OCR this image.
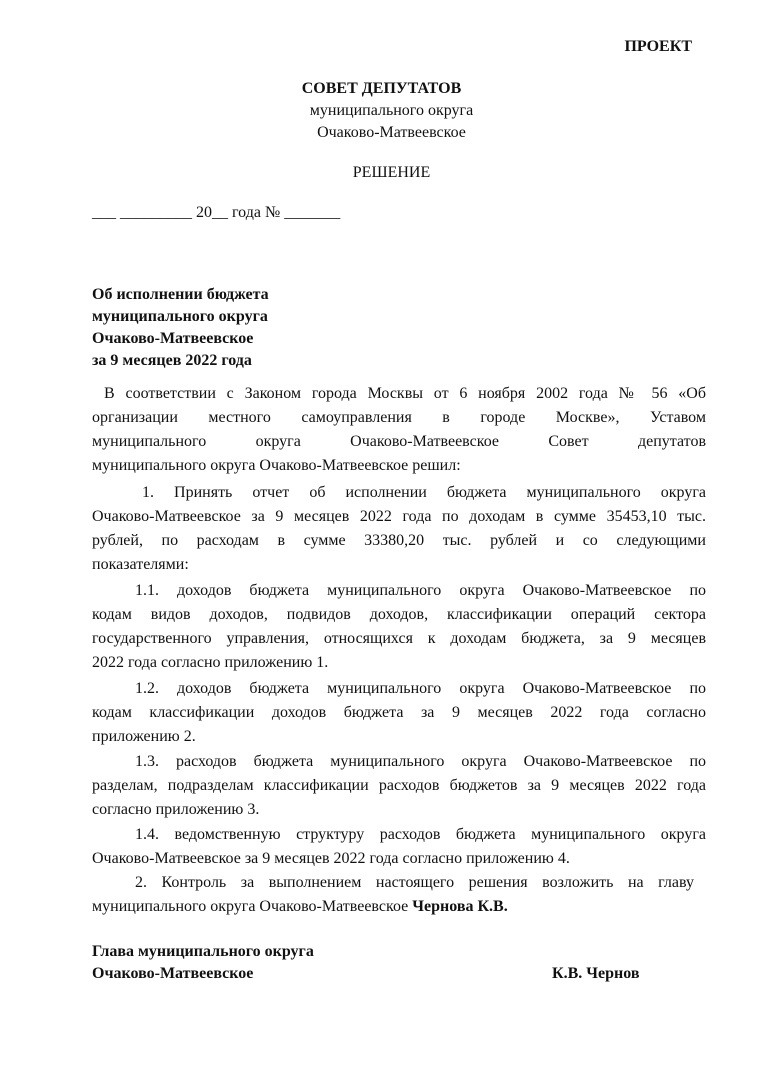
ПРОЕКТ
СОВЕТ ДЕПУТАТОВ
муниципального округа
Очаково-Матвеевское
РЕШЕНИЕ
___ _________ 20__ года № _______
Об исполнении бюджета
муниципального округа
Очаково-Матвеевское
за 9 месяцев 2022 года
В соответствии с Законом города Москвы от 6 ноября 2002 года № 56 «Об
организации местного самоуправления в городе Москве», Уставом
муниципального округа Очаково-Матвеевское Совет депутатов
муниципального округа Очаково-Матвеевское решил:
1. Принять отчет об исполнении бюджета муниципального округа
Очаково-Матвеевское за 9 месяцев 2022 года по доходам в сумме 35453,10 тыс.
рублей, по расходам в сумме 33380,20 тыс. рублей и со следующими
показателями:
1.1. доходов бюджета муниципального округа Очаково-Матвеевское по
кодам видов доходов, подвидов доходов, классификации операций сектора
государственного управления, относящихся к доходам бюджета, за 9 месяцев
2022 года согласно приложению 1.
1.2. доходов бюджета муниципального округа Очаково-Матвеевское по
кодам классификации доходов бюджета за 9 месяцев 2022 года согласно
приложению 2.
1.3. расходов бюджета муниципального округа Очаково-Матвеевское по
разделам, подразделам классификации расходов бюджетов за 9 месяцев 2022 года
согласно приложению 3.
1.4. ведомственную структуру расходов бюджета муниципального округа
Очаково-Матвеевское за 9 месяцев 2022 года согласно приложению 4.
2. Контроль за выполнением настоящего решения возложить на главу
муниципального округа Очаково-Матвеевское Чернова К.В.
Глава муниципального округа
Очаково-Матвеевское	К.В. Чернов
